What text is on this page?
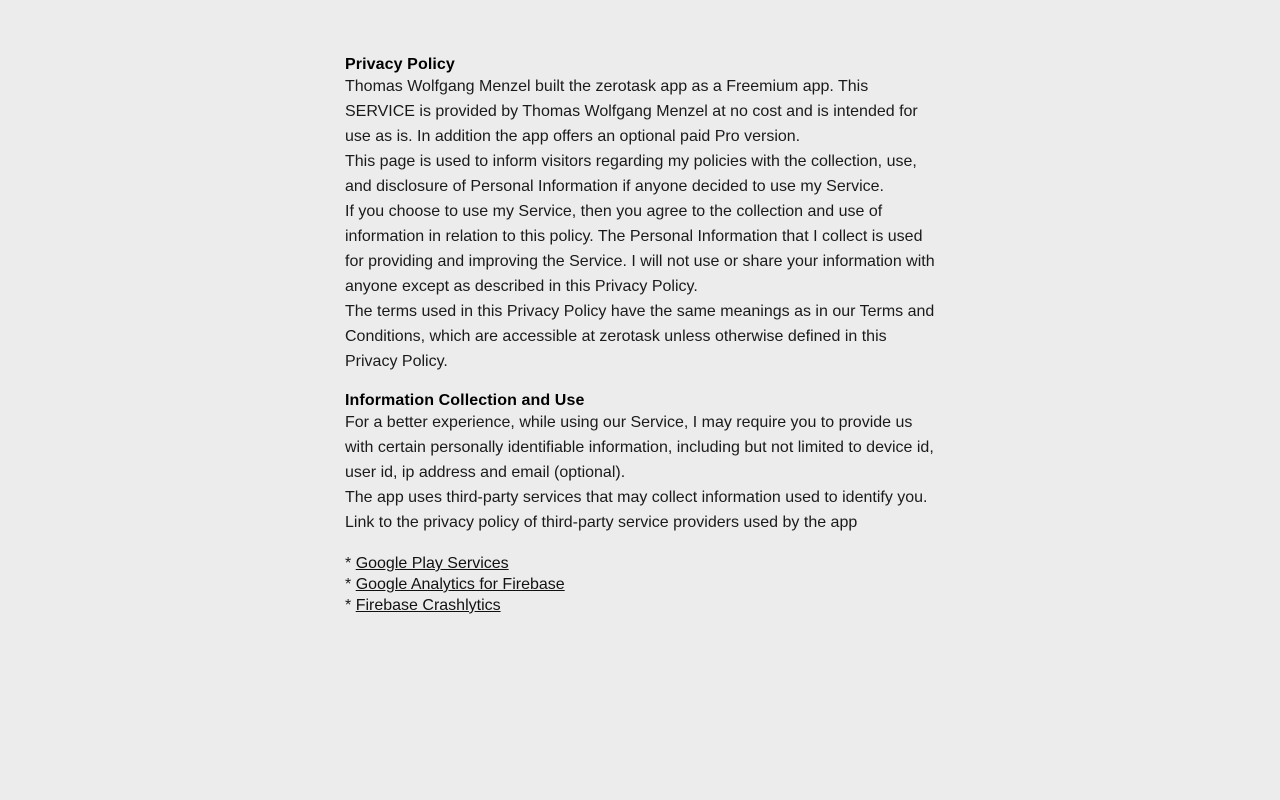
Privacy Policy

Thomas Wolfgang Menzel built the zerotask app as a Freemium app. This SERVICE is provided by Thomas Wolfgang Menzel at no cost and is intended for use as is. In addition the app offers an optional paid Pro version.

This page is used to inform visitors regarding my policies with the collection, use, and disclosure of Personal Information if anyone decided to use my Service.

If you choose to use my Service, then you agree to the collection and use of information in relation to this policy. The Personal Information that I collect is used for providing and improving the Service. I will not use or share your information with anyone except as described in this Privacy Policy.

The terms used in this Privacy Policy have the same meanings as in our Terms and Conditions, which are accessible at zerotask unless otherwise defined in this Privacy Policy.

Information Collection and Use

For a better experience, while using our Service, I may require you to provide us with certain personally identifiable information, including but not limited to device id, user id, ip address and email (optional).

The app uses third-party services that may collect information used to identify you.

Link to the privacy policy of third-party service providers used by the app

* Google Play Services
* Google Analytics for Firebase
* Firebase Crashlytics
